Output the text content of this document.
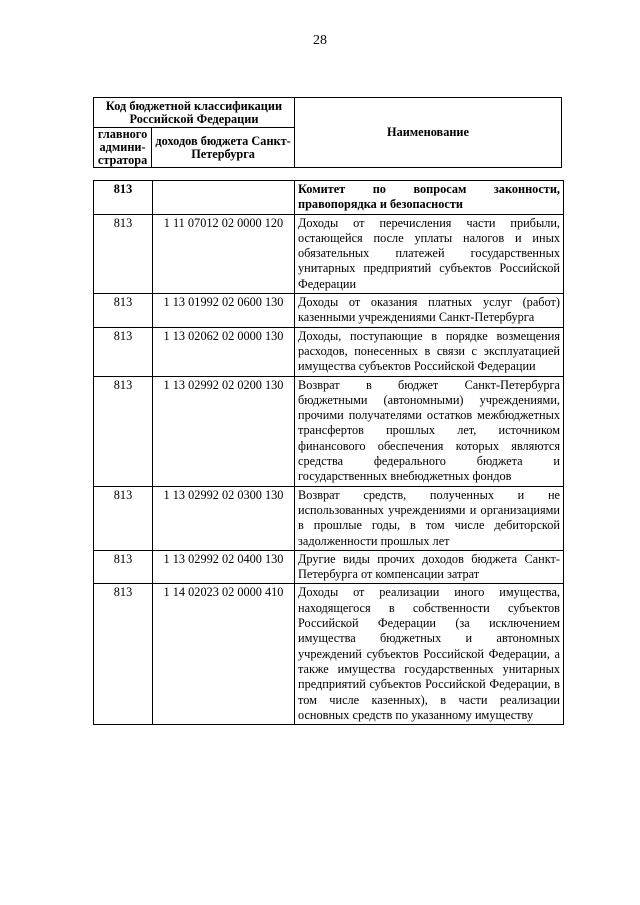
28
Код бюджетной классификации Российской Федерации		Наименование
главного админи-стратора	доходов бюджета Санкт-Петербурга	
813		Комитет по вопросам законности, правопорядка и безопасности
813	1 11 07012 02 0000 120	Доходы от перечисления части прибыли, остающейся после уплаты налогов и иных обязательных платежей государственных унитарных предприятий субъектов Российской Федерации
813	1 13 01992 02 0600 130	Доходы от оказания платных услуг (работ) казенными учреждениями Санкт-Петербурга
813	1 13 02062 02 0000 130	Доходы, поступающие в порядке возмещения расходов, понесенных в связи с эксплуатацией имущества субъектов Российской Федерации
813	1 13 02992 02 0200 130	Возврат в бюджет Санкт-Петербурга бюджетными (автономными) учреждениями, прочими получателями остатков межбюджетных трансфертов прошлых лет, источником финансового обеспечения которых являются средства федерального бюджета и государственных внебюджетных фондов
813	1 13 02992 02 0300 130	Возврат средств, полученных и не использованных учреждениями и организациями в прошлые годы, в том числе дебиторской задолженности прошлых лет
813	1 13 02992 02 0400 130	Другие виды прочих доходов бюджета Санкт-Петербурга от компенсации затрат
813	1 14 02023 02 0000 410	Доходы от реализации иного имущества, находящегося в собственности субъектов Российской Федерации (за исключением имущества бюджетных и автономных учреждений субъектов Российской Федерации, а также имущества государственных унитарных предприятий субъектов Российской Федерации, в том числе казенных), в части реализации основных средств по указанному имуществу
